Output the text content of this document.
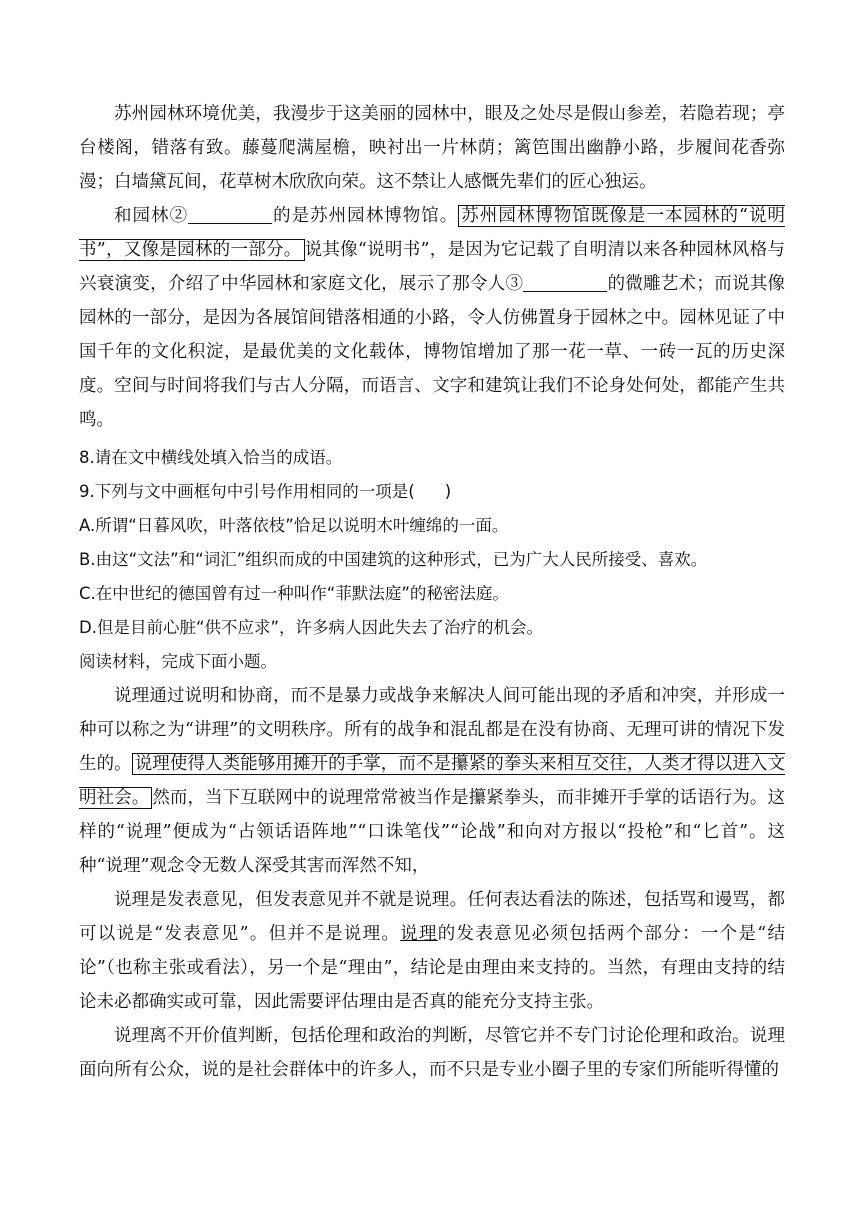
苏州园林环境优美，我漫步于这美丽的园林中，眼及之处尽是假山参差，若隐若现；亭台楼阁，错落有致。藤蔓爬满屋檐，映衬出一片林荫；篱笆围出幽静小路，步履间花香弥漫；白墙黛瓦间，花草树木欣欣向荣。这不禁让人感慨先辈们的匠心独运。

和园林②	的是苏州园林博物馆。 苏州园林博物馆既像是一本园林的“说明书”，又像是园林的一部分。 说其像“说明书”，是因为它记载了自明清以来各种园林风格与兴衰演变，介绍了中华园林和家庭文化，展示了那令人③	的微雕艺术；而说其像园林的一部分，是因为各展馆间错落相通的小路，令人仿佛置身于园林之中。园林见证了中国千年的文化积淀，是最优美的文化载体，博物馆增加了那一花一草、一砖一瓦的历史深度。空间与时间将我们与古人分隔，而语言、文字和建筑让我们不论身处何处，都能产生共鸣。

8.请在文中横线处填入恰当的成语。

9.下列与文中画框句中引号作用相同的一项是( )

A.所谓“日暮风吹，叶落依枝”恰足以说明木叶缠绵的一面。

B.由这“文法”和“词汇”组织而成的中国建筑的这种形式，已为广大人民所接受、喜欢。

C.在中世纪的德国曾有过一种叫作“菲默法庭”的秘密法庭。

D.但是目前心脏“供不应求”，许多病人因此失去了治疗的机会。

阅读材料，完成下面小题。

说理通过说明和协商，而不是暴力或战争来解决人间可能出现的矛盾和冲突，并形成一种可以称之为“讲理”的文明秩序。所有的战争和混乱都是在没有协商、无理可讲的情况下发生的。 说理使得人类能够用摊开的手掌，而不是攥紧的拳头来相互交往，人类才得以进入文明社会。 然而，当下互联网中的说理常常被当作是攥紧拳头，而非摊开手掌的话语行为。这样的“说理”便成为“占领话语阵地”“口诛笔伐”“论战”和向对方报以“投枪”和“匕首”。这种“说理”观念令无数人深受其害而浑然不知，

说理是发表意见，但发表意见并不就是说理。任何表达看法的陈述，包括骂和谩骂，都可以说是“发表意见”。但并不是说理。说理的发表意见必须包括两个部分：一个是“结论”（也称主张或看法），另一个是“理由”，结论是由理由来支持的。当然，有理由支持的结论未必都确实或可靠，因此需要评估理由是否真的能充分支持主张。

说理离不开价值判断，包括伦理和政治的判断，尽管它并不专门讨论伦理和政治。说理面向所有公众，说的是社会群体中的许多人，而不只是专业小圈子里的专家们所能听得懂的
